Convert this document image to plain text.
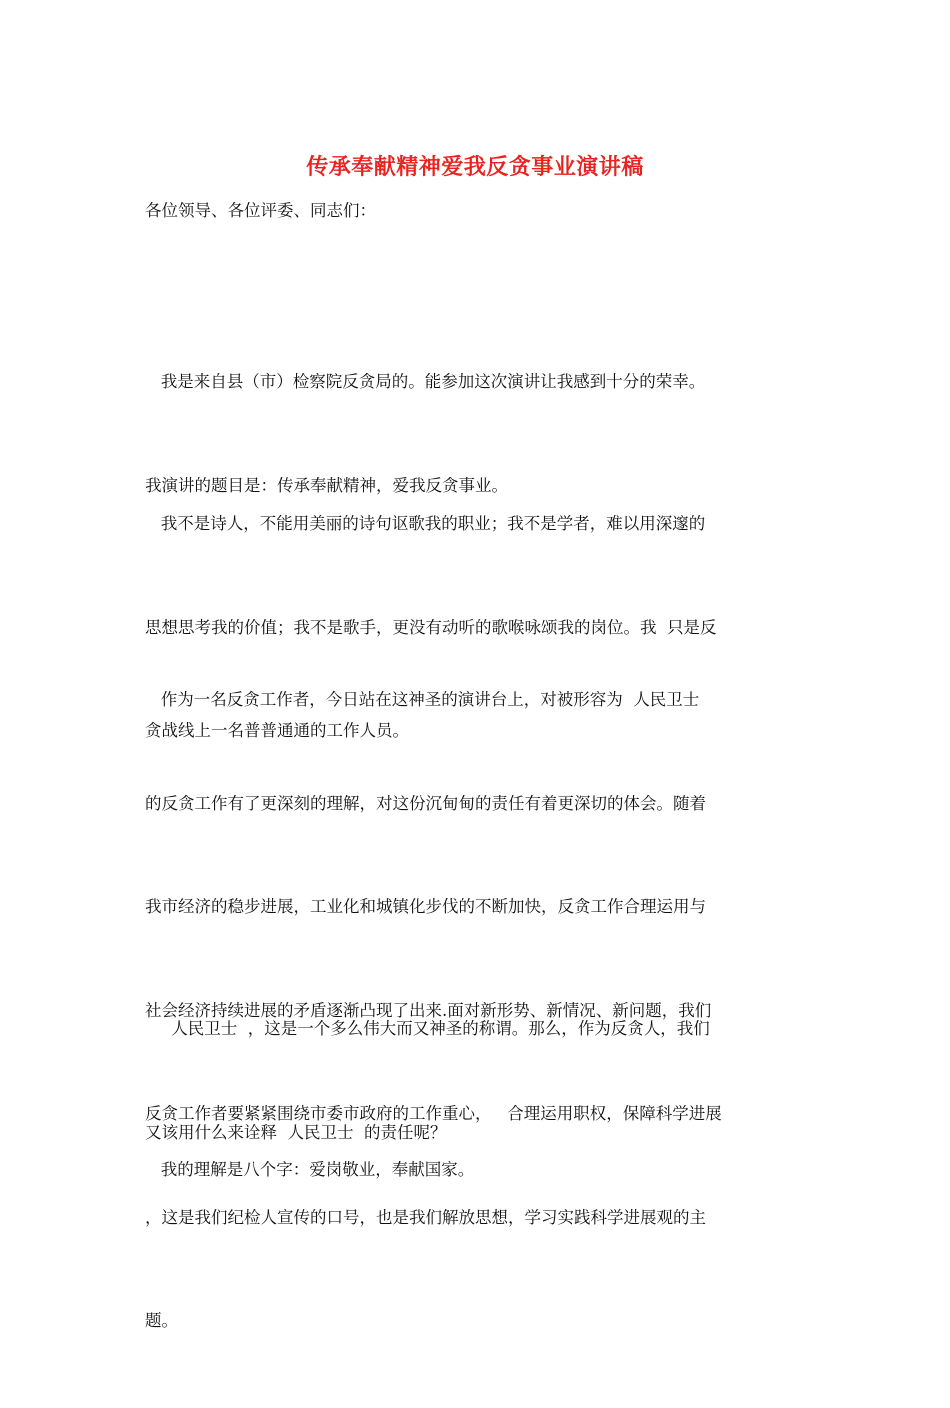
传承奉献精神爱我反贪事业演讲稿
各位领导、各位评委、同志们：

我是来自县（市）检察院反贪局的。能参加这次演讲让我感到十分的荣幸。

我演讲的题目是：传承奉献精神，爱我反贪事业。

我不是诗人，不能用美丽的诗句讴歌我的职业；我不是学者，难以用深邃的

思想思考我的价值；我不是歌手，更没有动听的歌喉咏颂我的岗位。我  只是反

贪战线上一名普普通通的工作人员。

作为一名反贪工作者，今日站在这神圣的演讲台上，对被形容为  人民卫士

的反贪工作有了更深刻的理解，对这份沉甸甸的责任有着更深切的体会。随着

我市经济的稳步进展，工业化和城镇化步伐的不断加快，反贪工作合理运用与

社会经济持续进展的矛盾逐渐凸现了出来.面对新形势、新情况、新问题，我们

反贪工作者要紧紧围绕市委市政府的工作重心，   合理运用职权，保障科学进展

，这是我们纪检人宣传的口号，也是我们解放思想，学习实践科学进展观的主

题。

人民卫士  ，这是一个多么伟大而又神圣的称谓。那么，作为反贪人，我们

又该用什么来诠释  人民卫士  的责任呢？

我的理解是八个字：爱岗敬业，奉献国家。
